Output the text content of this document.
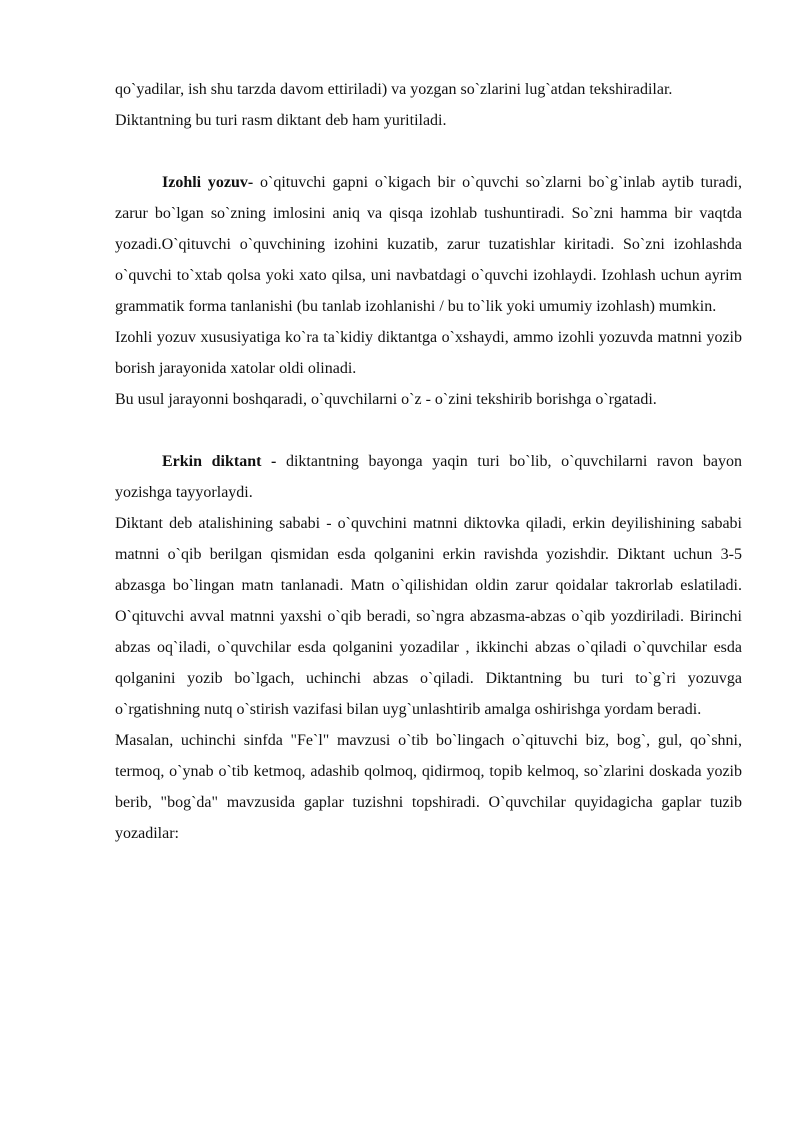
qo`yadilar, ish shu tarzda davom ettiriladi) va yozgan so`zlarini lug`atdan tekshiradilar.

Diktantning bu turi rasm diktant deb ham yuritiladi.

Izohli yozuv- o`qituvchi gapni o`kigach bir o`quvchi so`zlarni bo`g`inlab aytib turadi, zarur bo`lgan so`zning imlosini aniq va qisqa izohlab tushuntiradi. So`zni hamma bir vaqtda yozadi.O`qituvchi o`quvchining izohini kuzatib, zarur tuzatishlar kiritadi. So`zni izohlashda o`quvchi to`xtab qolsa yoki xato qilsa, uni navbatdagi o`quvchi izohlaydi. Izohlash uchun ayrim grammatik forma tanlanishi (bu tanlab izohlanishi / bu to`lik yoki umumiy izohlash) mumkin.

Izohli yozuv xususiyatiga ko`ra ta`kidiy diktantga o`xshaydi, ammo izohli yozuvda matnni yozib borish jarayonida xatolar oldi olinadi.

Bu usul jarayonni boshqaradi, o`quvchilarni o`z - o`zini tekshirib borishga o`rgatadi.

Erkin diktant - diktantning bayonga yaqin turi bo`lib, o`quvchilarni ravon bayon yozishga tayyorlaydi.

Diktant deb atalishining sababi - o`quvchini matnni diktovka qiladi, erkin deyilishining sababi matnni o`qib berilgan qismidan esda qolganini erkin ravishda yozishdir. Diktant uchun 3-5 abzasga bo`lingan matn tanlanadi. Matn o`qilishidan oldin zarur qoidalar takrorlab eslatiladi. O`qituvchi avval matnni yaxshi o`qib beradi, so`ngra abzasma-abzas o`qib yozdiriladi. Birinchi abzas oq`iladi, o`quvchilar esda qolganini yozadilar , ikkinchi abzas o`qiladi o`quvchilar esda qolganini yozib bo`lgach, uchinchi abzas o`qiladi. Diktantning bu turi to`g`ri yozuvga o`rgatishning nutq o`stirish vazifasi bilan uyg`unlashtirib amalga oshirishga yordam beradi.

Masalan, uchinchi sinfda "Fe`l" mavzusi o`tib bo`lingach o`qituvchi biz, bog`, gul, qo`shni, termoq, o`ynab o`tib ketmoq, adashib qolmoq, qidirmoq, topib kelmoq, so`zlarini doskada yozib berib, "bog`da" mavzusida gaplar tuzishni topshiradi. O`quvchilar quyidagicha gaplar tuzib yozadilar:
